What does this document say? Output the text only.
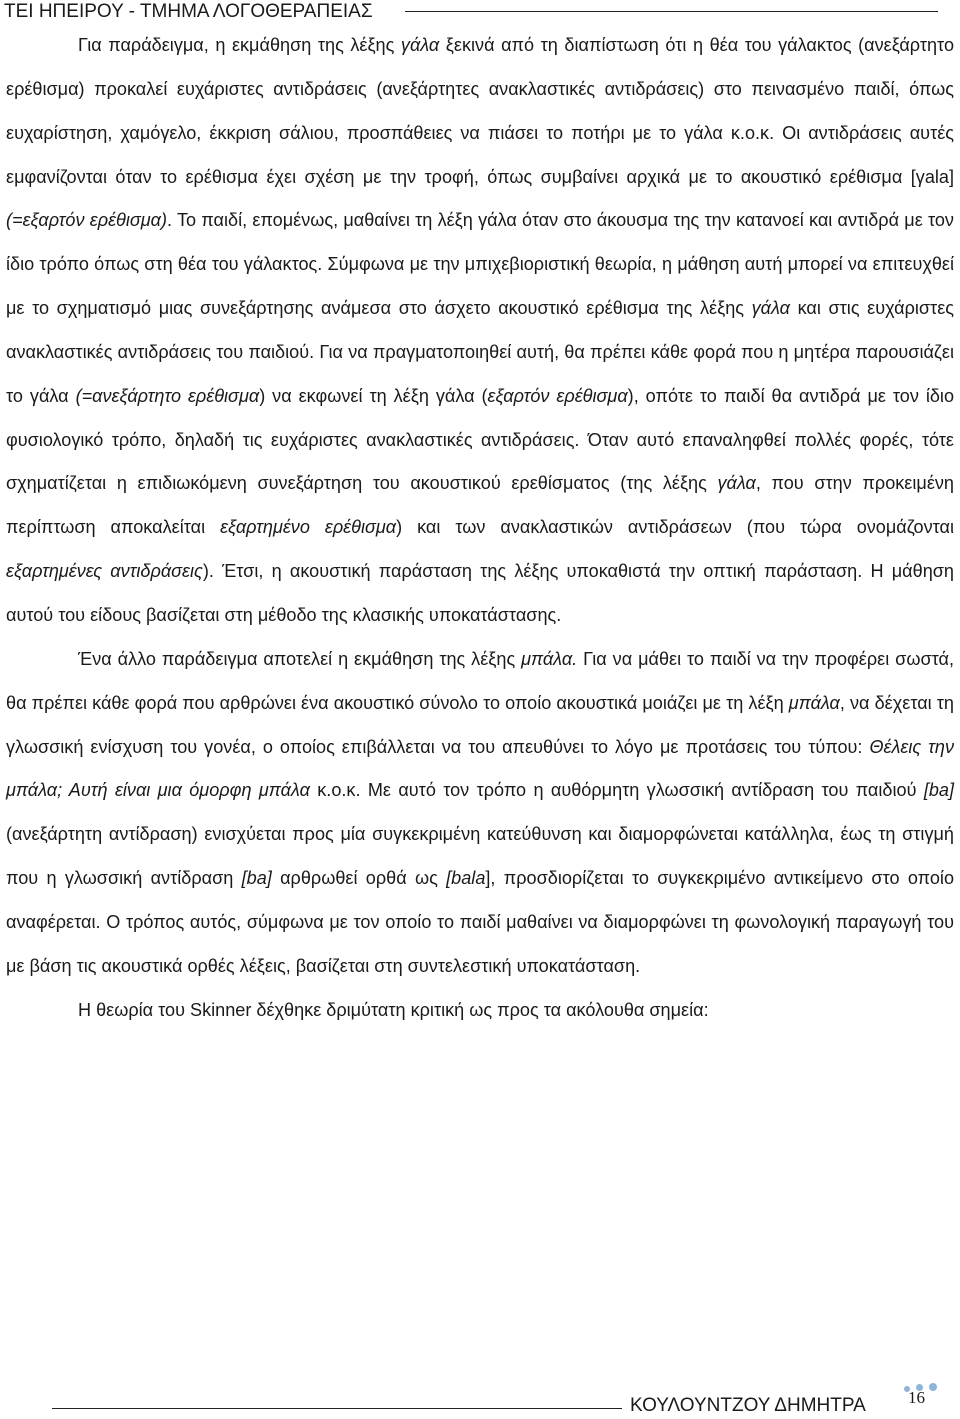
ΤΕΙ ΗΠΕΙΡΟΥ - ΤΜΗΜΑ ΛΟΓΟΘΕΡΑΠΕΙΑΣ

Για παράδειγμα, η εκμάθηση της λέξης γάλα ξεκινά από τη διαπίστωση ότι η θέα του γάλακτος (ανεξάρτητο ερέθισμα) προκαλεί ευχάριστες αντιδράσεις (ανεξάρτητες ανακλαστικές αντιδράσεις) στο πεινασμένο παιδί, όπως ευχαρίστηση, χαμόγελο, έκκριση σάλιου, προσπάθειες να πιάσει το ποτήρι με το γάλα κ.ο.κ. Οι αντιδράσεις αυτές εμφανίζονται όταν το ερέθισμα έχει σχέση με την τροφή, όπως συμβαίνει αρχικά με το ακουστικό ερέθισμα [γala] (=εξαρτόν ερέθισμα). Το παιδί, επομένως, μαθαίνει τη λέξη γάλα όταν στο άκουσμα της την κατανοεί και αντιδρά με τον ίδιο τρόπο όπως στη θέα του γάλακτος. Σύμφωνα με την μπιχεβιοριστική θεωρία, η μάθηση αυτή μπορεί να επιτευχθεί με το σχηματισμό μιας συνεξάρτησης ανάμεσα στο άσχετο ακουστικό ερέθισμα της λέξης γάλα και στις ευχάριστες ανακλαστικές αντιδράσεις του παιδιού. Για να πραγματοποιηθεί αυτή, θα πρέπει κάθε φορά που η μητέρα παρουσιάζει το γάλα (=ανεξάρτητο ερέθισμα) να εκφωνεί τη λέξη γάλα (εξαρτόν ερέθισμα), οπότε το παιδί θα αντιδρά με τον ίδιο φυσιολογικό τρόπο, δηλαδή τις ευχάριστες ανακλαστικές αντιδράσεις. Όταν αυτό επαναληφθεί πολλές φορές, τότε σχηματίζεται η επιδιωκόμενη συνεξάρτηση του ακουστικού ερεθίσματος (της λέξης γάλα, που στην προκειμένη περίπτωση αποκαλείται εξαρτημένο ερέθισμα) και των ανακλαστικών αντιδράσεων (που τώρα ονομάζονται εξαρτημένες αντιδράσεις). Έτσι, η ακουστική παράσταση της λέξης υποκαθιστά την οπτική παράσταση. Η μάθηση αυτού του είδους βασίζεται στη μέθοδο της κλασικής υποκατάστασης.

Ένα άλλο παράδειγμα αποτελεί η εκμάθηση της λέξης μπάλα. Για να μάθει το παιδί να την προφέρει σωστά, θα πρέπει κάθε φορά που αρθρώνει ένα ακουστικό σύνολο το οποίο ακουστικά μοιάζει με τη λέξη μπάλα, να δέχεται τη γλωσσική ενίσχυση του γονέα, ο οποίος επιβάλλεται να του απευθύνει το λόγο με προτάσεις του τύπου: Θέλεις την μπάλα; Αυτή είναι μια όμορφη μπάλα κ.ο.κ. Με αυτό τον τρόπο η αυθόρμητη γλωσσική αντίδραση του παιδιού [ba] (ανεξάρτητη αντίδραση) ενισχύεται προς μία συγκεκριμένη κατεύθυνση και διαμορφώνεται κατάλληλα, έως τη στιγμή που η γλωσσική αντίδραση [ba] αρθρωθεί ορθά ως [bala], προσδιορίζεται το συγκεκριμένο αντικείμενο στο οποίο αναφέρεται. Ο τρόπος αυτός, σύμφωνα με τον οποίο το παιδί μαθαίνει να διαμορφώνει τη φωνολογική παραγωγή του με βάση τις ακουστικά ορθές λέξεις, βασίζεται στη συντελεστική υποκατάσταση.

Η θεωρία του Skinner δέχθηκε δριμύτατη κριτική ως προς τα ακόλουθα σημεία:

ΚΟΥΛΟΥΝΤΖΟΥ ΔΗΜΗΤΡΑ 16
